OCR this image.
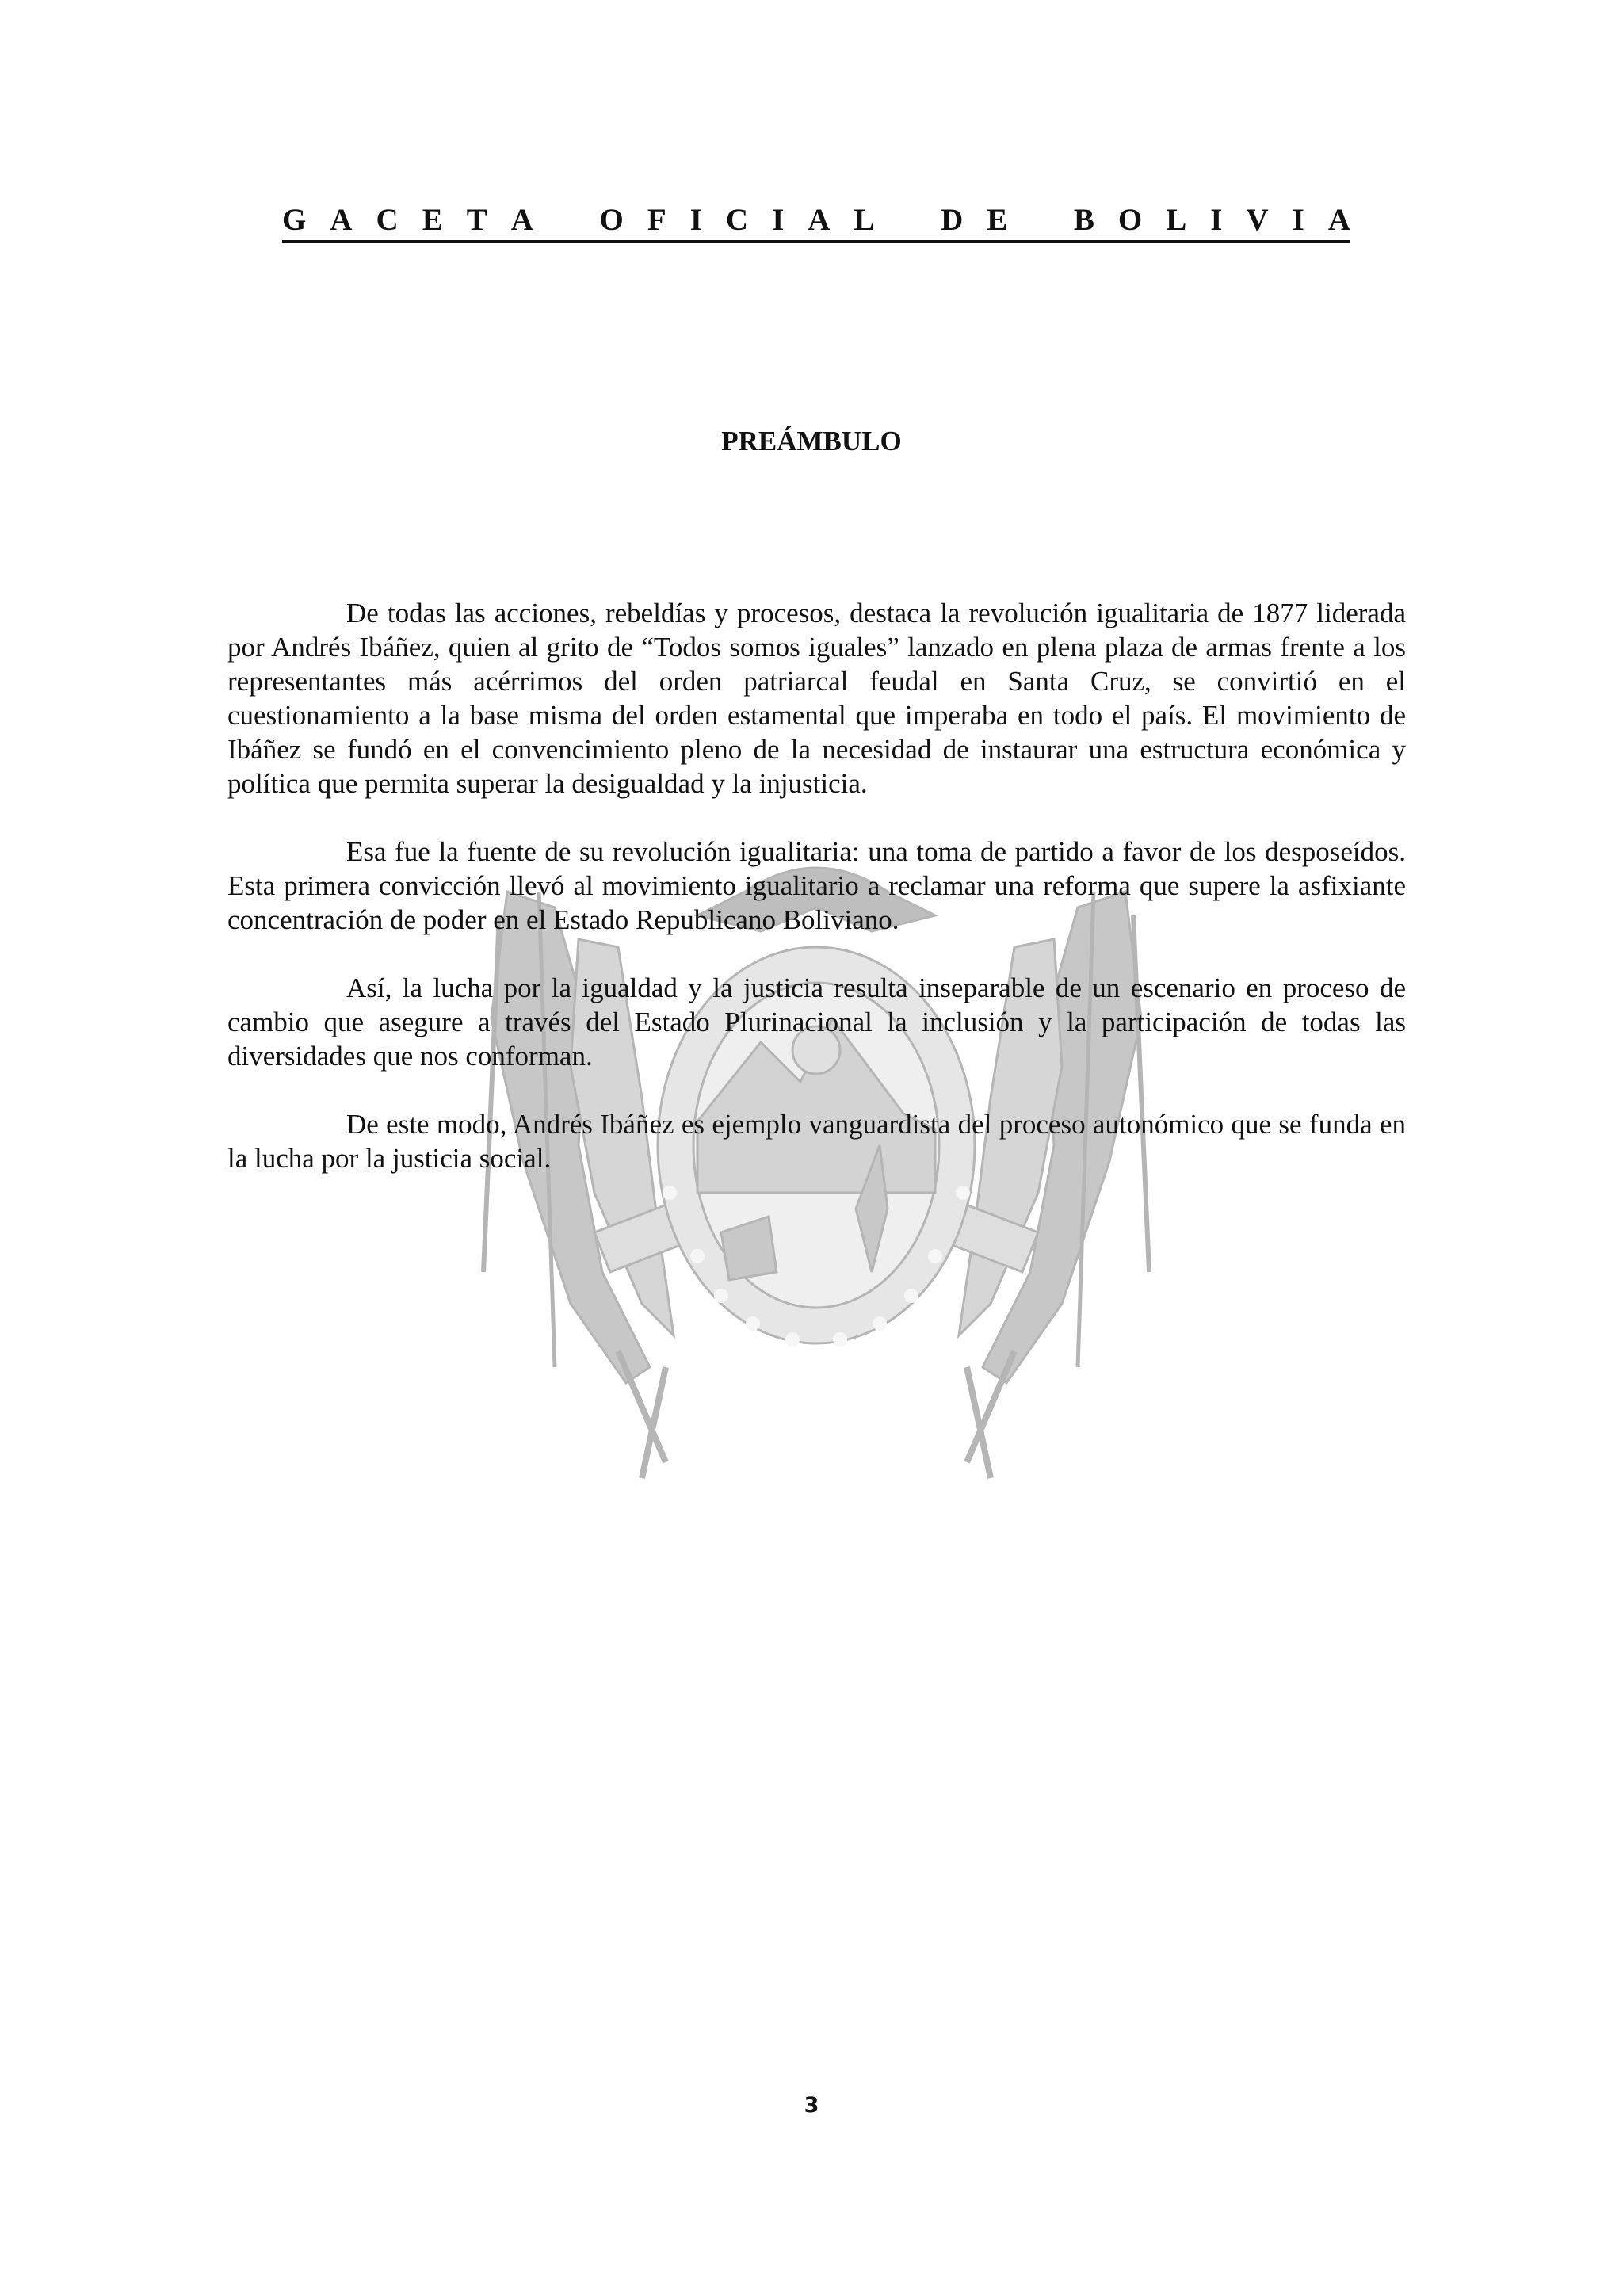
G A C E T A O F I C I A L D E B O L I V I A
PREÁMBULO

De todas las acciones, rebeldías y procesos, destaca la revolución igualitaria de 1877 liderada por Andrés Ibáñez, quien al grito de “Todos somos iguales” lanzado en plena plaza de armas frente a los representantes más acérrimos del orden patriarcal feudal en Santa Cruz, se convirtió en el cuestionamiento a la base misma del orden estamental que imperaba en todo el país. El movimiento de Ibáñez se fundó en el convencimiento pleno de la necesidad de instaurar una estructura económica y política que permita superar la desigualdad y la injusticia.

Esa fue la fuente de su revolución igualitaria: una toma de partido a favor de los desposeídos. Esta primera convicción llevó al movimiento igualitario a reclamar una reforma que supere la asfixiante concentración de poder en el Estado Republicano Boliviano.

Así, la lucha por la igualdad y la justicia resulta inseparable de un escenario en proceso de cambio que asegure a través del Estado Plurinacional la inclusión y la participación de todas las diversidades que nos conforman.

De este modo, Andrés Ibáñez es ejemplo vanguardista del proceso autonómico que se funda en la lucha por la justicia social.

3
